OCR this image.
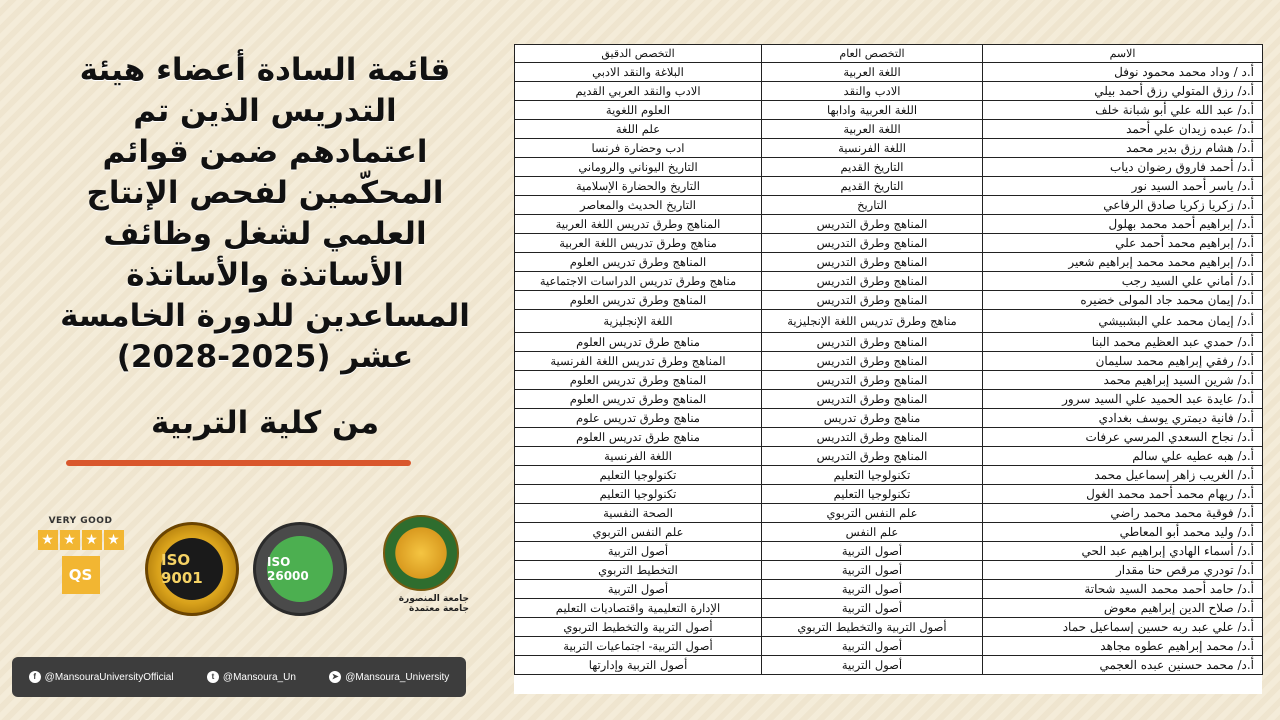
قائمة السادة أعضاء هيئة
التدريس الذين تم
اعتمادهم ضمن قوائم
المحكّمين لفحص الإنتاج
العلمي لشغل وظائف
الأساتذة والأساتذة
المساعدين للدورة الخامسة
عشر (2025-2028)
من كلية التربية
VERY GOOD
★ ★ ★ ★
QS
ISO 9001
ISO 26000
جامعة المنصورة جامعة معتمدة
f @MansouraUniversityOfficial	t @Mansoura_Un	➤ @Mansoura_University
الاسم	التخصص العام	التخصص الدقيق
أ.د / وداد محمد محمود نوفل	اللغة العربية	البلاغة والنقد الادبي
أ.د/ رزق المتولي رزق أحمد بيلي	الادب والنقد	الادب والنقد العربي القديم
أ.د/ عبد الله علي أبو شبانة خلف	اللغة العربية وادابها	العلوم اللغوية
أ.د/ عبده زيدان علي أحمد	اللغة العربية	علم اللغة
أ.د/ هشام رزق بدير محمد	اللغة الفرنسية	ادب وحضارة فرنسا
أ.د/ أحمد فاروق رضوان دياب	التاريخ القديم	التاريخ اليوناني والروماني
أ.د/ ياسر أحمد السيد نور	التاريخ القديم	التاريخ والحضارة الإسلامية
أ.د/ زكريا زكريا صادق الرفاعي	التاريخ	التاريخ الحديث والمعاصر
أ.د/ إبراهيم أحمد محمد بهلول	المناهج وطرق التدريس	المناهج وطرق تدريس اللغة العربية
أ.د/ إبراهيم محمد أحمد علي	المناهج وطرق التدريس	مناهج وطرق تدريس اللغة العربية
أ.د/ إبراهيم محمد محمد إبراهيم شعير	المناهج وطرق التدريس	المناهج وطرق تدريس العلوم
أ.د/ أماني علي السيد رجب	المناهج وطرق التدريس	مناهج وطرق تدريس الدراسات الاجتماعية
أ.د/ إيمان محمد جاد المولى خضيره	المناهج وطرق التدريس	المناهج وطرق تدريس العلوم
أ.د/ إيمان محمد علي البشبيشي	مناهج وطرق تدريس اللغة الإنجليزية	اللغة الإنجليزية
أ.د/ حمدي عبد العظيم محمد البنا	المناهج وطرق التدريس	مناهج طرق تدريس العلوم
أ.د/ رفقي إبراهيم محمد سليمان	المناهج وطرق التدريس	المناهج وطرق تدريس اللغة الفرنسية
أ.د/ شرين السيد إبراهيم محمد	المناهج وطرق التدريس	المناهج وطرق تدريس العلوم
أ.د/ عايدة عبد الحميد علي السيد سرور	المناهج وطرق التدريس	المناهج وطرق تدريس العلوم
أ.د/ فانية ديمتري يوسف بغدادي	مناهج وطرق تدريس	مناهج وطرق تدريس علوم
أ.د/ نجاح السعدي المرسي عرفات	المناهج وطرق التدريس	مناهج طرق تدريس العلوم
أ.د/ هبه عطيه علي سالم	المناهج وطرق التدريس	اللغة الفرنسية
أ.د/ الغريب زاهر إسماعيل محمد	تكنولوجيا التعليم	تكنولوجيا التعليم
أ.د/ ريهام محمد أحمد محمد الغول	تكنولوجيا التعليم	تكنولوجيا التعليم
أ.د/ فوقية محمد محمد راضي	علم النفس التربوي	الصحة النفسية
أ.د/ وليد محمد أبو المعاطي	علم النفس	علم النفس التربوي
أ.د/ أسماء الهادي إبراهيم عبد الحي	أصول التربية	أصول التربية
أ.د/ تودري مرقص حنا مقدار	أصول التربية	التخطيط التربوي
أ.د/ حامد أحمد محمد السيد شحاتة	أصول التربية	أصول التربية
أ.د/ صلاح الدين إبراهيم معوض	أصول التربية	الإدارة التعليمية واقتصاديات التعليم
أ.د/ علي عبد ربه حسين إسماعيل حماد	أصول التربية والتخطيط التربوي	أصول التربية والتخطيط التربوي
أ.د/ محمد إبراهيم عطوه مجاهد	أصول التربية	أصول التربية- اجتماعيات التربية
أ.د/ محمد حسنين عبده العجمي	أصول التربية	أصول التربية وإدارتها
